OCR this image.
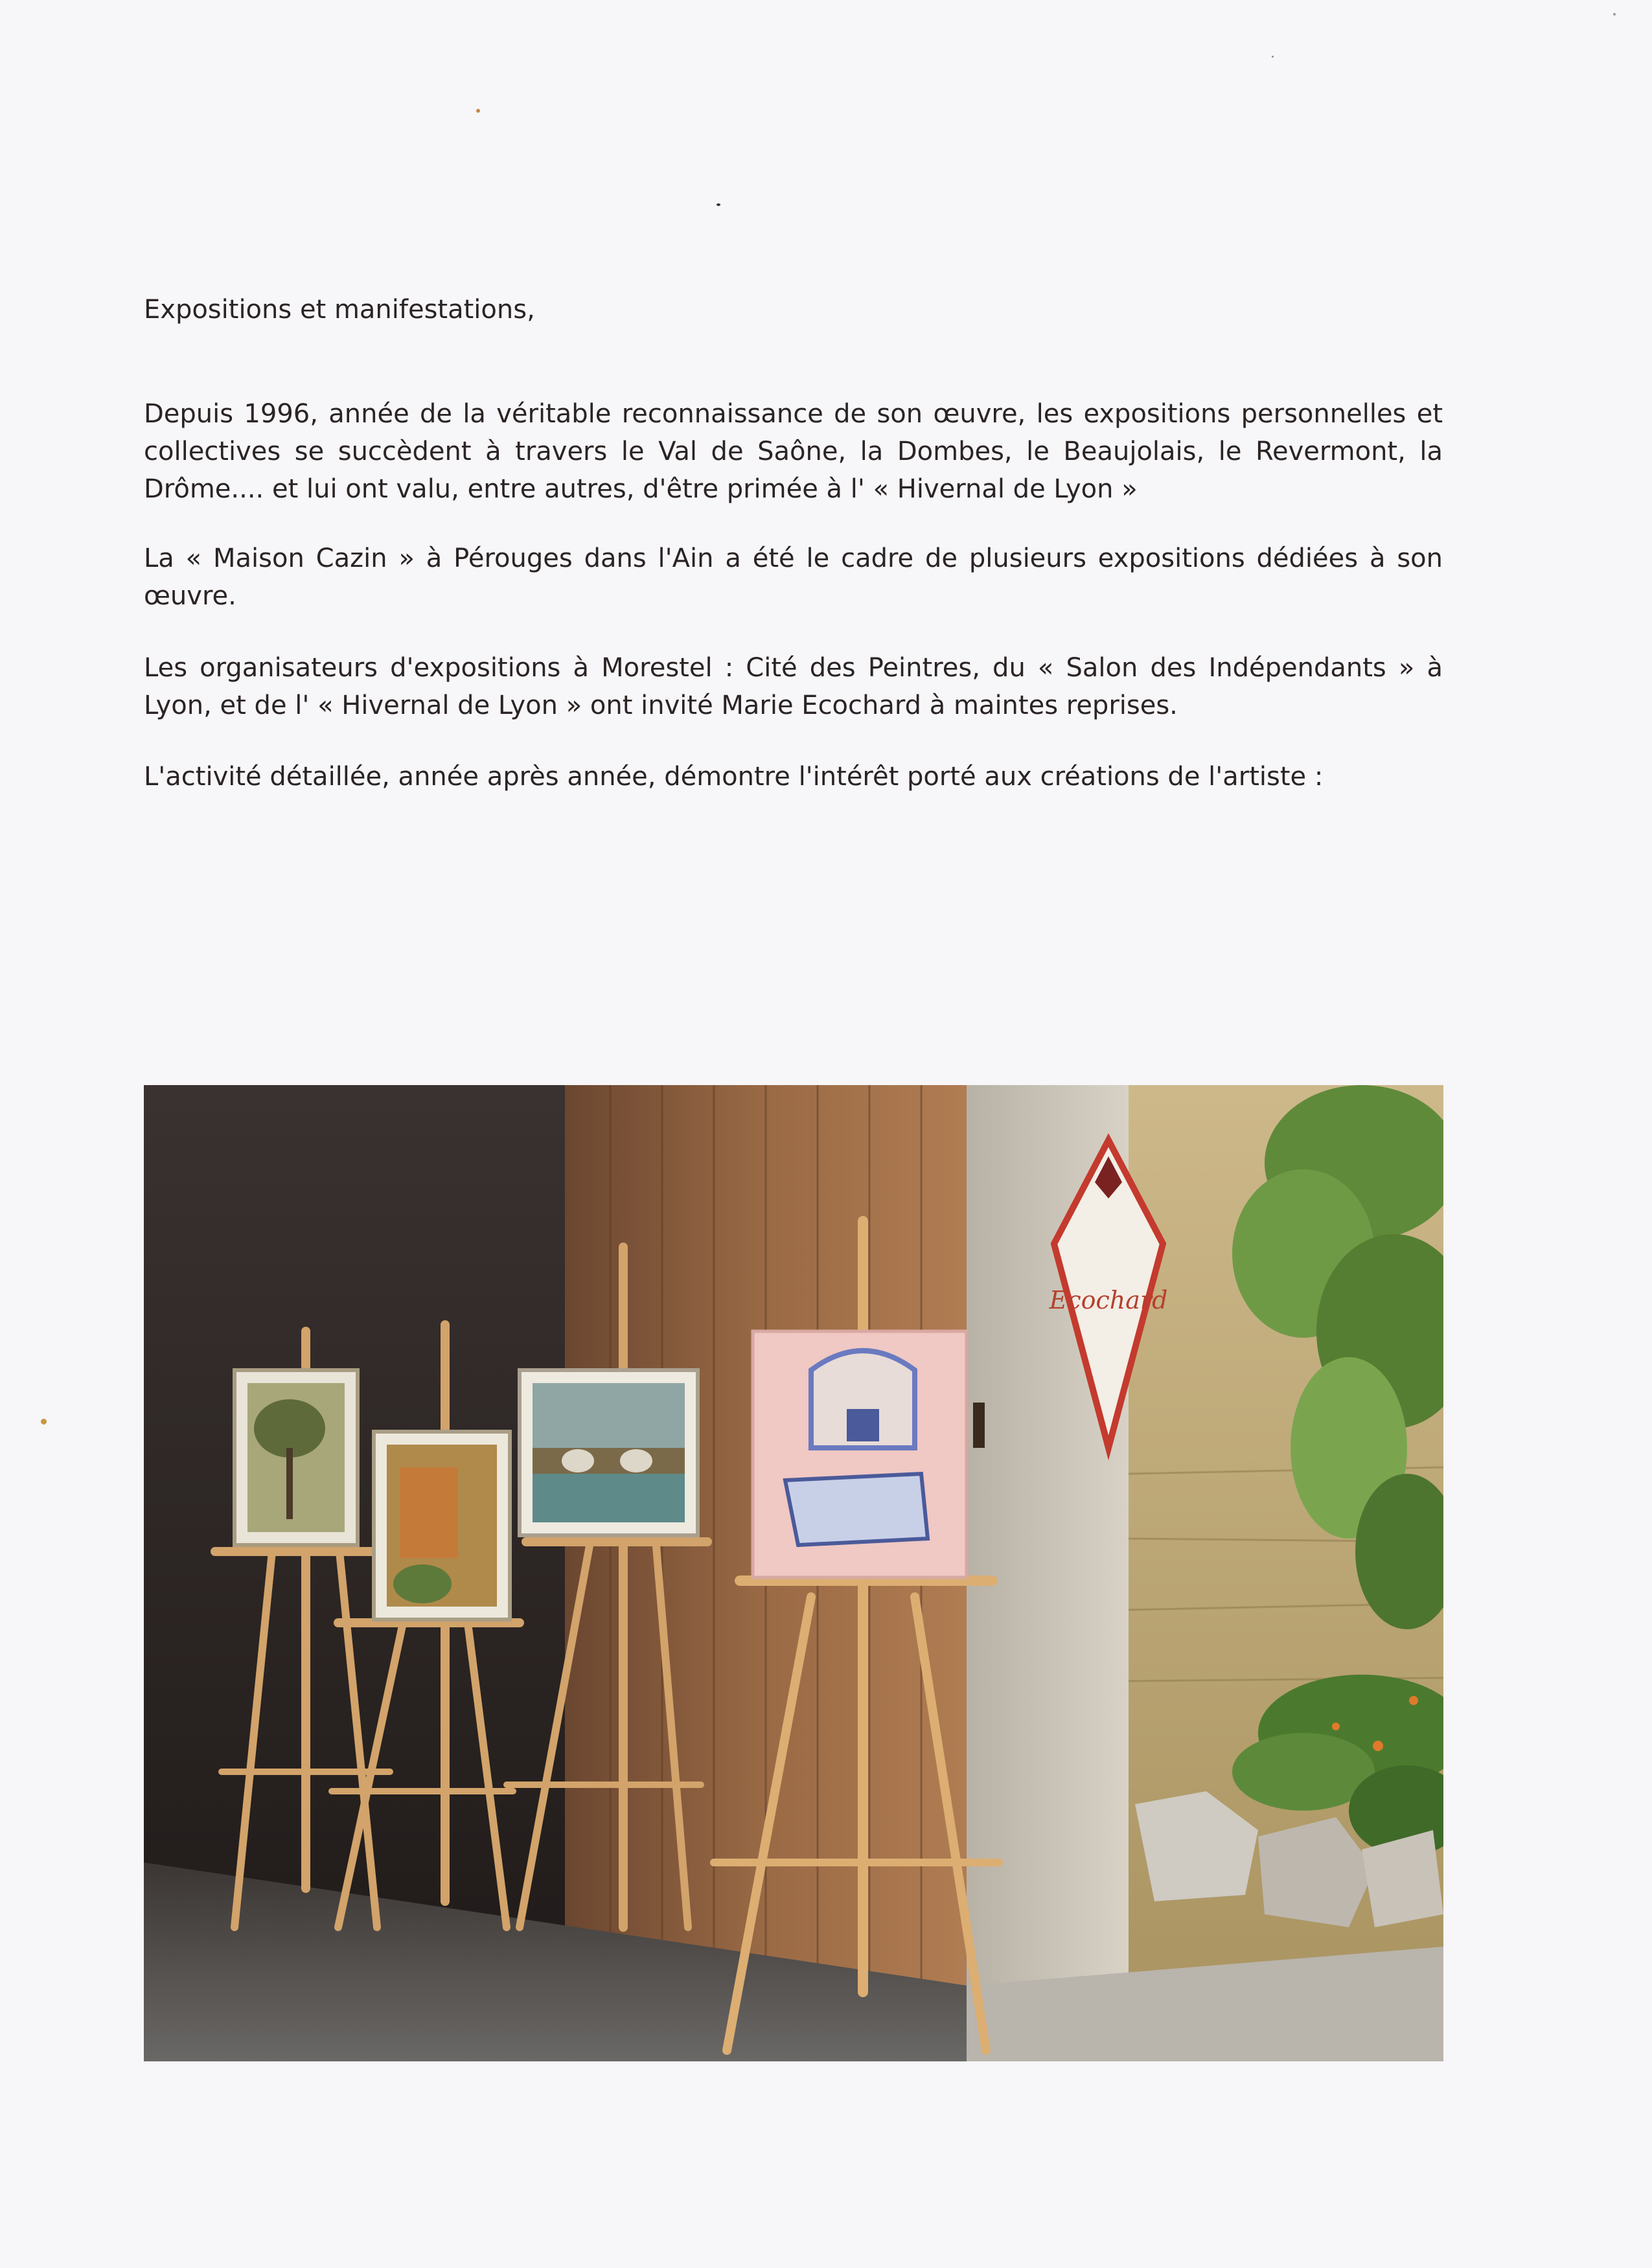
Expositions et manifestations,

Depuis 1996, année de la véritable reconnaissance de son œuvre, les expositions personnelles et collectives se succèdent à travers le Val de Saône, la Dombes, le Beaujolais, le Revermont, la Drôme.... et lui ont valu, entre autres, d'être primée à l' « Hivernal de Lyon »

La « Maison Cazin » à Pérouges dans l'Ain a été le cadre de plusieurs expositions dédiées à son œuvre.

Les organisateurs d'expositions à Morestel : Cité des Peintres, du « Salon des Indépendants » à Lyon, et de l' « Hivernal de Lyon » ont invité Marie Ecochard à maintes reprises.

L'activité détaillée, année après année, démontre l'intérêt porté aux créations de l'artiste :

Ecochard
